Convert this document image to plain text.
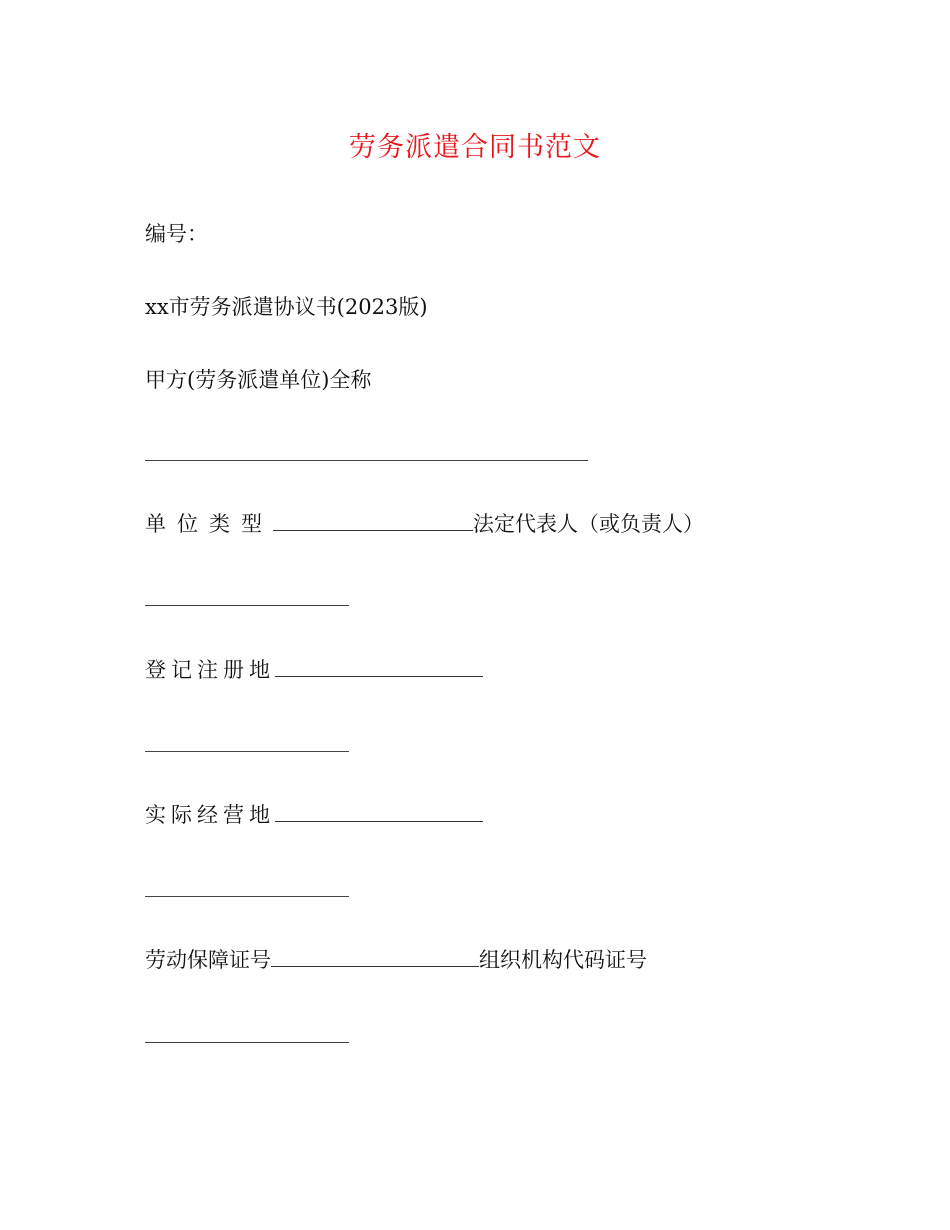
劳务派遣合同书范文
编号：
xx市劳务派遣协议书(2023版)
甲方(劳务派遣单位)全称
单位类型	法定代表人（或负责人）
登记注册地
实际经营地
劳动保障证号	组织机构代码证号
